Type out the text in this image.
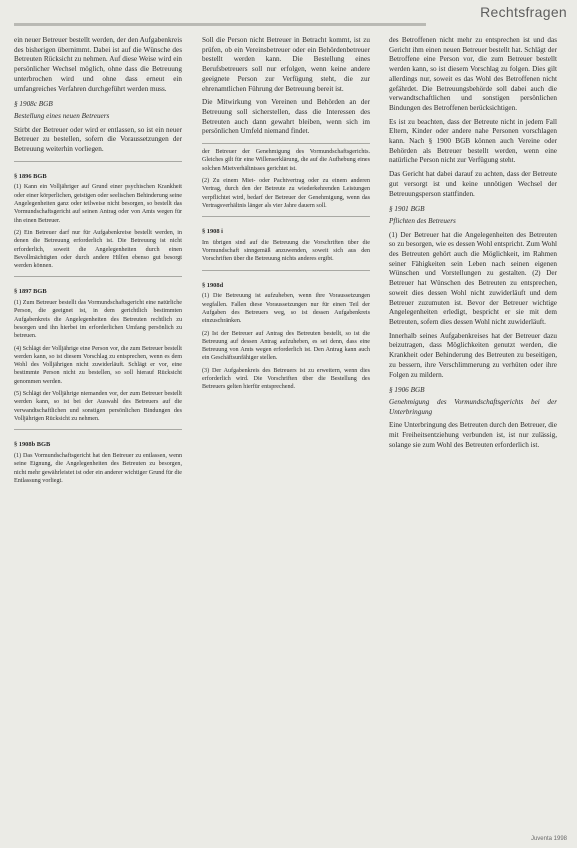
Rechtsfragen

ein neuer Betreuer bestellt werden, der den Aufgabenkreis des bisherigen übernimmt. Dabei ist auf die Wünsche des Betreuten Rücksicht zu nehmen. Auf diese Weise wird ein persönlicher Wechsel möglich, ohne dass die Betreuung unterbrochen wird und ohne dass erneut ein umfangreiches Verfahren durchgeführt werden muss.

§ 1908c BGB
Bestellung eines neuen Betreuers

Stirbt der Betreuer oder wird er entlassen, so ist ein neuer Betreuer zu bestellen, sofern die Voraussetzungen der Betreuung weiterhin vorliegen.

§ 1896 BGB

(1) Kann ein Volljähriger auf Grund einer psychischen Krankheit oder einer körperlichen, geistigen oder seelischen Behinderung seine Angelegenheiten ganz oder teilweise nicht besorgen, so bestellt das Vormundschaftsgericht auf seinen Antrag oder von Amts wegen für ihn einen Betreuer.

(2) Ein Betreuer darf nur für Aufgabenkreise bestellt werden, in denen die Betreuung erforderlich ist. Die Betreuung ist nicht erforderlich, soweit die Angelegenheiten durch einen Bevollmächtigten oder durch andere Hilfen ebenso gut besorgt werden können.

§ 1897 BGB

(1) Zum Betreuer bestellt das Vormundschaftsgericht eine natürliche Person, die geeignet ist, in dem gerichtlich bestimmten Aufgabenkreis die Angelegenheiten des Betreuten rechtlich zu besorgen und ihn hierbei im erforderlichen Umfang persönlich zu betreuen.

(4) Schlägt der Volljährige eine Person vor, die zum Betreuer bestellt werden kann, so ist diesem Vorschlag zu entsprechen, wenn es dem Wohl des Volljährigen nicht zuwiderläuft. Schlägt er vor, eine bestimmte Person nicht zu bestellen, so soll hierauf Rücksicht genommen werden.

(5) Schlägt der Volljährige niemanden vor, der zum Betreuer bestellt werden kann, so ist bei der Auswahl des Betreuers auf die verwandtschaftlichen und sonstigen persönlichen Bindungen des Volljährigen Rücksicht zu nehmen.

§ 1908b BGB

(1) Das Vormundschaftsgericht hat den Betreuer zu entlassen, wenn seine Eignung, die Angelegenheiten des Betreuten zu besorgen, nicht mehr gewährleistet ist oder ein anderer wichtiger Grund für die Entlassung vorliegt.

Soll die Person nicht Betreuer in Betracht kommt, ist zu prüfen, ob ein Vereinsbetreuer oder ein Behördenbetreuer bestellt werden kann. Die Bestellung eines Berufsbetreuers soll nur erfolgen, wenn keine andere geeignete Person zur Verfügung steht, die zur ehrenamtlichen Führung der Betreuung bereit ist.

Die Mitwirkung von Vereinen und Behörden an der Betreuung soll sicherstellen, dass die Interessen des Betreuten auch dann gewahrt bleiben, wenn sich im persönlichen Umfeld niemand findet.

der Betreuer der Genehmigung des Vormundschaftsgerichts. Gleiches gilt für eine Willenserklärung, die auf die Aufhebung eines solchen Mietverhältnisses gerichtet ist.

(2) Zu einem Miet- oder Pachtvertrag oder zu einem anderen Vertrag, durch den der Betreute zu wiederkehrenden Leistungen verpflichtet wird, bedarf der Betreuer der Genehmigung, wenn das Vertragsverhältnis länger als vier Jahre dauern soll.

§ 1908 i

Im übrigen sind auf die Betreuung die Vorschriften über die Vormundschaft sinngemäß anzuwenden, soweit sich aus den Vorschriften über die Betreuung nichts anderes ergibt.

§ 1908d

(1) Die Betreuung ist aufzuheben, wenn ihre Voraussetzungen wegfallen. Fallen diese Voraussetzungen nur für einen Teil der Aufgaben des Betreuers weg, so ist dessen Aufgabenkreis einzuschränken.

(2) Ist der Betreuer auf Antrag des Betreuten bestellt, so ist die Betreuung auf dessen Antrag aufzuheben, es sei denn, dass eine Betreuung von Amts wegen erforderlich ist. Den Antrag kann auch ein Geschäftsunfähiger stellen.

(3) Der Aufgabenkreis des Betreuers ist zu erweitern, wenn dies erforderlich wird. Die Vorschriften über die Bestellung des Betreuers gelten hierfür entsprechend.

des Betroffenen nicht mehr zu entsprechen ist und das Gericht ihm einen neuen Betreuer bestellt hat. Schlägt der Betroffene eine Person vor, die zum Betreuer bestellt werden kann, so ist diesem Vorschlag zu folgen. Dies gilt allerdings nur, soweit es das Wohl des Betroffenen nicht gefährdet. Die Betreuungsbehörde soll dabei auch die verwandtschaftlichen und sonstigen persönlichen Bindungen des Betroffenen berücksichtigen.

Es ist zu beachten, dass der Betreute nicht in jedem Fall Eltern, Kinder oder andere nahe Personen vorschlagen kann. Nach § 1900 BGB können auch Vereine oder Behörden als Betreuer bestellt werden, wenn eine natürliche Person nicht zur Verfügung steht.

Das Gericht hat dabei darauf zu achten, dass der Betreute gut versorgt ist und keine unnötigen Wechsel der Betreuungsperson stattfinden.

§ 1901 BGB
Pflichten des Betreuers

(1) Der Betreuer hat die Angelegenheiten des Betreuten so zu besorgen, wie es dessen Wohl entspricht. Zum Wohl des Betreuten gehört auch die Möglichkeit, im Rahmen seiner Fähigkeiten sein Leben nach seinen eigenen Wünschen und Vorstellungen zu gestalten. (2) Der Betreuer hat Wünschen des Betreuten zu entsprechen, soweit dies dessen Wohl nicht zuwiderläuft und dem Betreuer zuzumuten ist. Bevor der Betreuer wichtige Angelegenheiten erledigt, bespricht er sie mit dem Betreuten, sofern dies dessen Wohl nicht zuwiderläuft.

Innerhalb seines Aufgabenkreises hat der Betreuer dazu beizutragen, dass Möglichkeiten genutzt werden, die Krankheit oder Behinderung des Betreuten zu beseitigen, zu bessern, ihre Verschlimmerung zu verhüten oder ihre Folgen zu mildern.

§ 1906 BGB
Genehmigung des Vormundschaftsgerichts bei der Unterbringung

Eine Unterbringung des Betreuten durch den Betreuer, die mit Freiheitsentziehung verbunden ist, ist nur zulässig, solange sie zum Wohl des Betreuten erforderlich ist.

Juventa 1998
